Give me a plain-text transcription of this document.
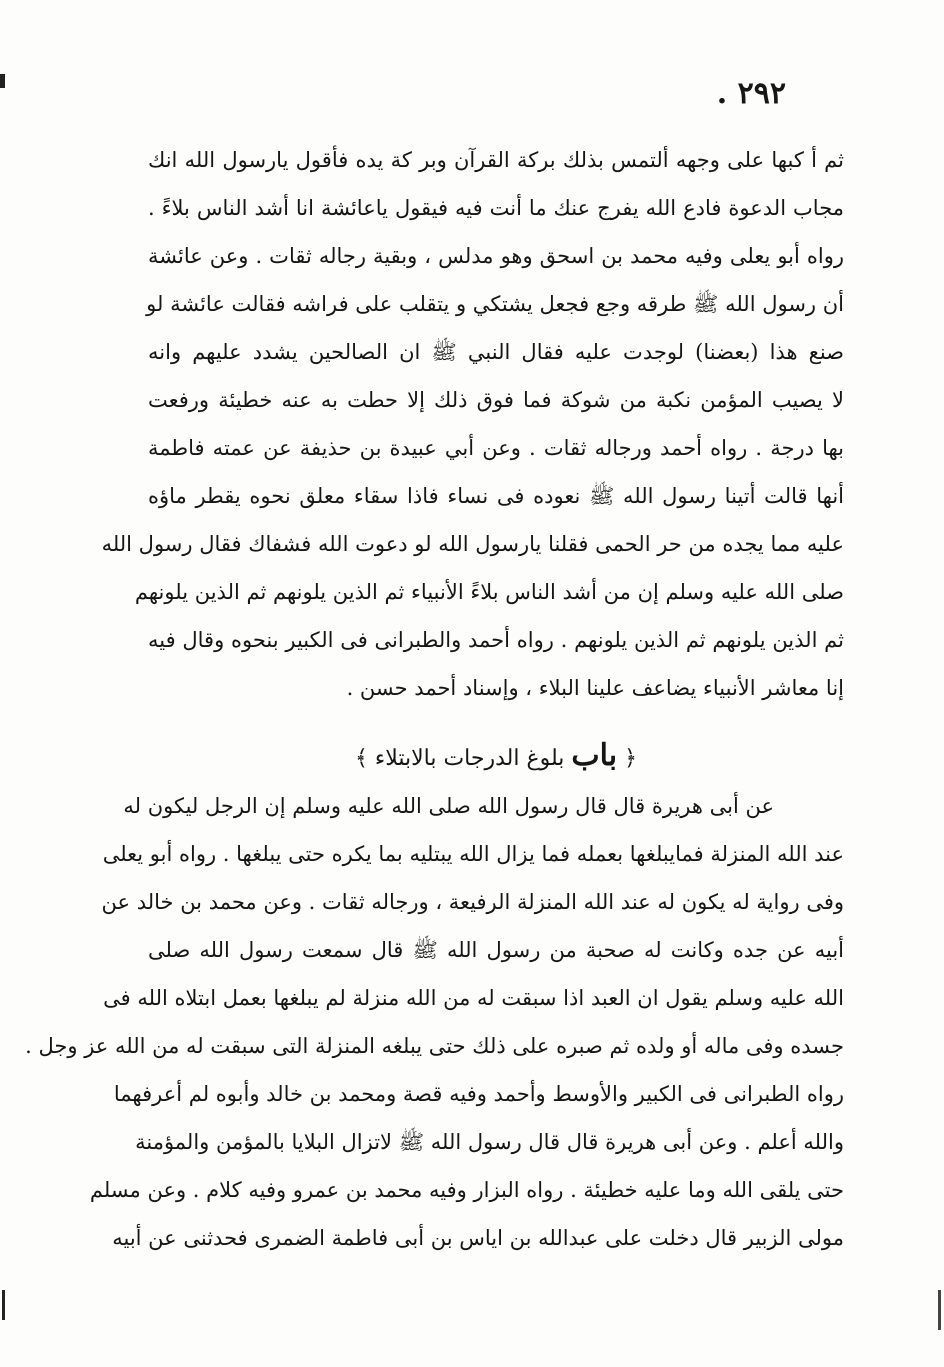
٢٩٢ .
ثم أ كبها على وجهه ألتمس بذلك بركة القرآن وبر كة يده فأقول يارسول الله انك
مجاب الدعوة فادع الله يفرج عنك ما أنت فيه فيقول ياعائشة انا أشد الناس بلاءً .
رواه أبو يعلى وفيه محمد بن اسحق وهو مدلس ، وبقية رجاله ثقات . وعن عائشة
أن رسول الله ﷺ طرقه وجع فجعل يشتكي و يتقلب على فراشه فقالت عائشة لو
صنع هذا (بعضنا) لوجدت عليه فقال النبي ﷺ ان الصالحين يشدد عليهم وانه
لا يصيب المؤمن نكبة من شوكة فما فوق ذلك إلا حطت به عنه خطيئة ورفعت
بها درجة . رواه أحمد ورجاله ثقات . وعن أبي عبيدة بن حذيفة عن عمته فاطمة
أنها قالت أتينا رسول الله ﷺ نعوده فى نساء فاذا سقاء معلق نحوه يقطر ماؤه
عليه مما يجده من حر الحمى فقلنا يارسول الله لو دعوت الله فشفاك فقال رسول الله
صلى الله عليه وسلم إن من أشد الناس بلاءً الأنبياء ثم الذين يلونهم ثم الذين يلونهم
ثم الذين يلونهم ثم الذين يلونهم . رواه أحمد والطبرانى فى الكبير بنحوه وقال فيه
إنا معاشر الأنبياء يضاعف علينا البلاء ، وإسناد أحمد حسن .
﴿ باب بلوغ الدرجات بالابتلاء ﴾
عن أبى هريرة قال قال رسول الله صلى الله عليه وسلم إن الرجل ليكون له
عند الله المنزلة فمايبلغها بعمله فما يزال الله يبتليه بما يكره حتى يبلغها . رواه أبو يعلى
وفى رواية له يكون له عند الله المنزلة الرفيعة ، ورجاله ثقات . وعن محمد بن خالد عن
أبيه عن جده وكانت له صحبة من رسول الله ﷺ قال سمعت رسول الله صلى
الله عليه وسلم يقول ان العبد اذا سبقت له من الله منزلة لم يبلغها بعمل ابتلاه الله فى
جسده وفى ماله أو ولده ثم صبره على ذلك حتى يبلغه المنزلة التى سبقت له من الله عز وجل .
رواه الطبرانى فى الكبير والأوسط وأحمد وفيه قصة ومحمد بن خالد وأبوه لم أعرفهما
والله أعلم . وعن أبى هريرة قال قال رسول الله ﷺ لاتزال البلايا بالمؤمن والمؤمنة
حتى يلقى الله وما عليه خطيئة . رواه البزار وفيه محمد بن عمرو وفيه كلام . وعن مسلم
مولى الزبير قال دخلت على عبدالله بن اياس بن أبى فاطمة الضمرى فحدثنى عن أبيه
